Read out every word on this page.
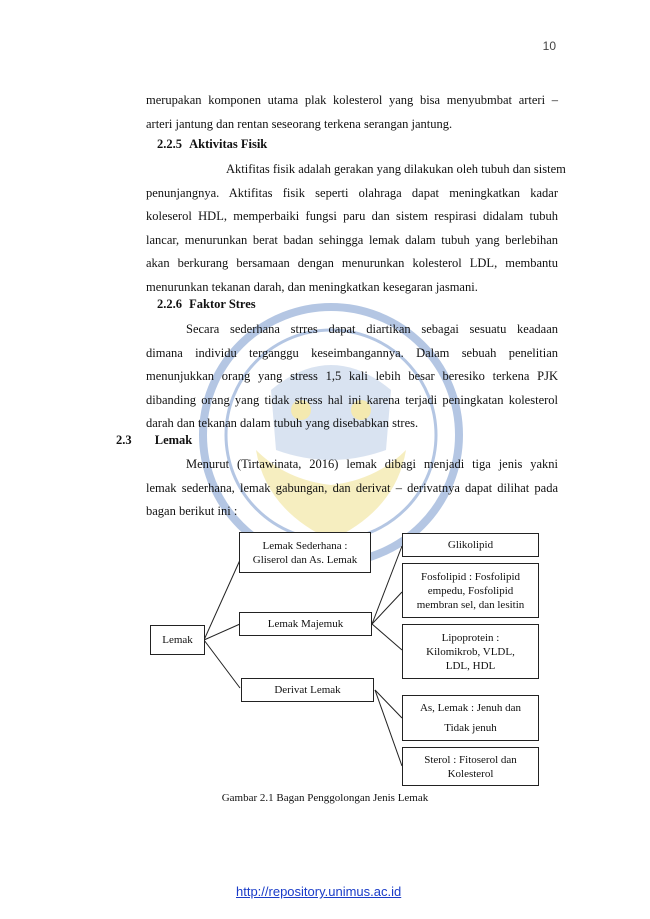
10
merupakan komponen utama plak kolesterol yang bisa menyubmbat arteri –
arteri jantung dan rentan seseorang terkena serangan jantung.
2.2.5 Aktivitas Fisik
Aktifitas fisik adalah gerakan yang dilakukan oleh tubuh dan sistem
penunjangnya. Aktifitas fisik seperti olahraga dapat meningkatkan kadar
koleserol HDL, memperbaiki fungsi paru dan sistem respirasi didalam tubuh
lancar, menurunkan berat badan sehingga lemak dalam tubuh yang berlebihan
akan berkurang bersamaan dengan menurunkan kolesterol LDL, membantu
menurunkan tekanan darah, dan meningkatkan kesegaran jasmani.
2.2.6 Faktor Stres
Secara sederhana strres dapat diartikan sebagai sesuatu keadaan
dimana individu terganggu keseimbangannya. Dalam sebuah penelitian
menunjukkan orang yang stress 1,5 kali lebih besar beresiko terkena PJK
dibanding orang yang tidak stress hal ini karena terjadi peningkatan kolesterol
darah dan tekanan dalam tubuh yang disebabkan stres.
2.3 Lemak
Menurut (Tirtawinata, 2016) lemak dibagi menjadi tiga jenis yakni
lemak sederhana, lemak gabungan, dan derivat – derivatnya dapat dilihat pada
bagan berikut ini :
Lemak
Lemak Sederhana :
Gliserol dan As. Lemak
Lemak Majemuk
Derivat Lemak
Glikolipid
Fosfolipid : Fosfolipid
empedu, Fosfolipid
membran sel, dan lesitin
Lipoprotein :
Kilomikrob, VLDL,
LDL, HDL
As, Lemak : Jenuh dan
Tidak jenuh
Sterol : Fitoserol dan
Kolesterol
Gambar 2.1 Bagan Penggolongan Jenis Lemak
http://repository.unimus.ac.id
